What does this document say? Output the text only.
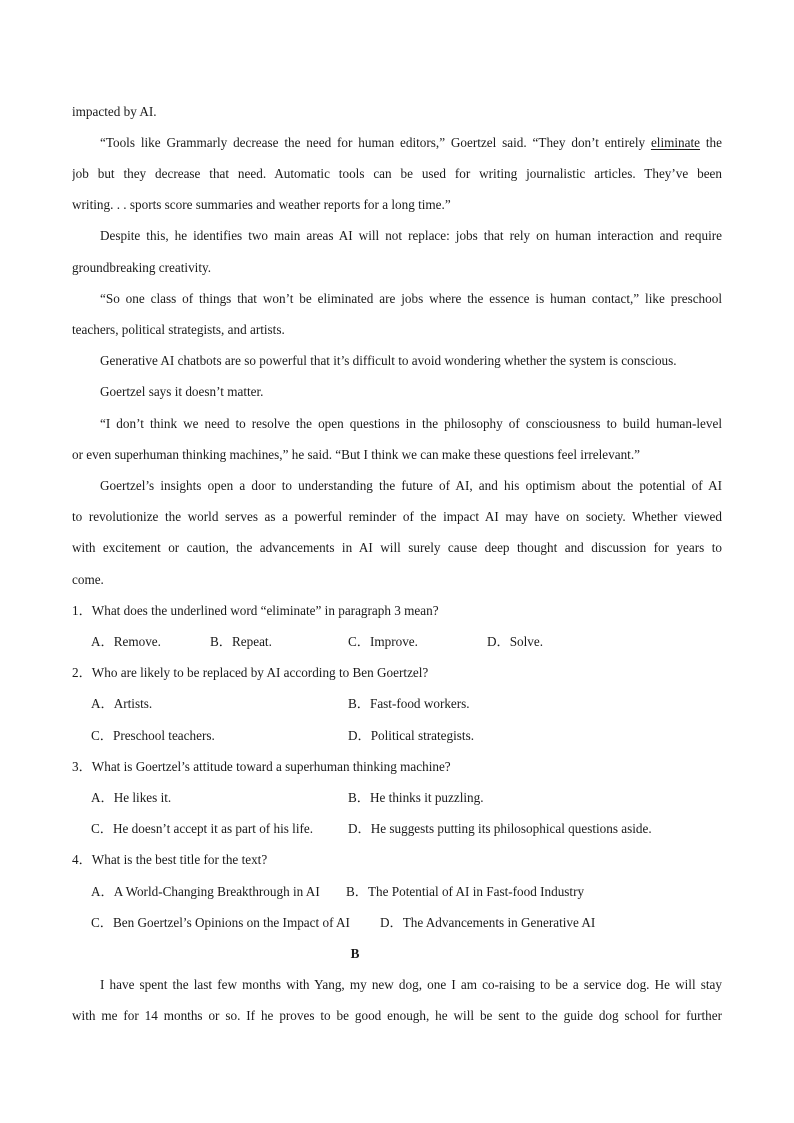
impacted by AI.
“Tools like Grammarly decrease the need for human editors,” Goertzel said. “They don’t entirely eliminate the
job but they decrease that need. Automatic tools can be used for writing journalistic articles. They’ve been
writing. . . sports score summaries and weather reports for a long time.”
Despite this, he identifies two main areas AI will not replace: jobs that rely on human interaction and require
groundbreaking creativity.
“So one class of things that won’t be eliminated are jobs where the essence is human contact,” like preschool
teachers, political strategists, and artists.
Generative AI chatbots are so powerful that it’s difficult to avoid wondering whether the system is conscious.
Goertzel says it doesn’t matter.
“I don’t think we need to resolve the open questions in the philosophy of consciousness to build human-level
or even superhuman thinking machines,” he said. “But I think we can make these questions feel irrelevant.”
Goertzel’s insights open a door to understanding the future of AI, and his optimism about the potential of AI
to revolutionize the world serves as a powerful reminder of the impact AI may have on society. Whether viewed
with excitement or caution, the advancements in AI will surely cause deep thought and discussion for years to
come.
1．What does the underlined word “eliminate” in paragraph 3 mean?
A．Remove.	B．Repeat.	C．Improve.	D．Solve.
2．Who are likely to be replaced by AI according to Ben Goertzel?
A．Artists.	B．Fast-food workers.
C．Preschool teachers.	D．Political strategists.
3．What is Goertzel’s attitude toward a superhuman thinking machine?
A．He likes it.	B．He thinks it puzzling.
C．He doesn’t accept it as part of his life.	D．He suggests putting its philosophical questions aside.
4．What is the best title for the text?
A．A World-Changing Breakthrough in AI B．The Potential of AI in Fast-food Industry
C．Ben Goertzel’s Opinions on the Impact of AI D．The Advancements in Generative AI
B
I have spent the last few months with Yang, my new dog, one I am co-raising to be a service dog. He will stay
with me for 14 months or so. If he proves to be good enough, he will be sent to the guide dog school for further
